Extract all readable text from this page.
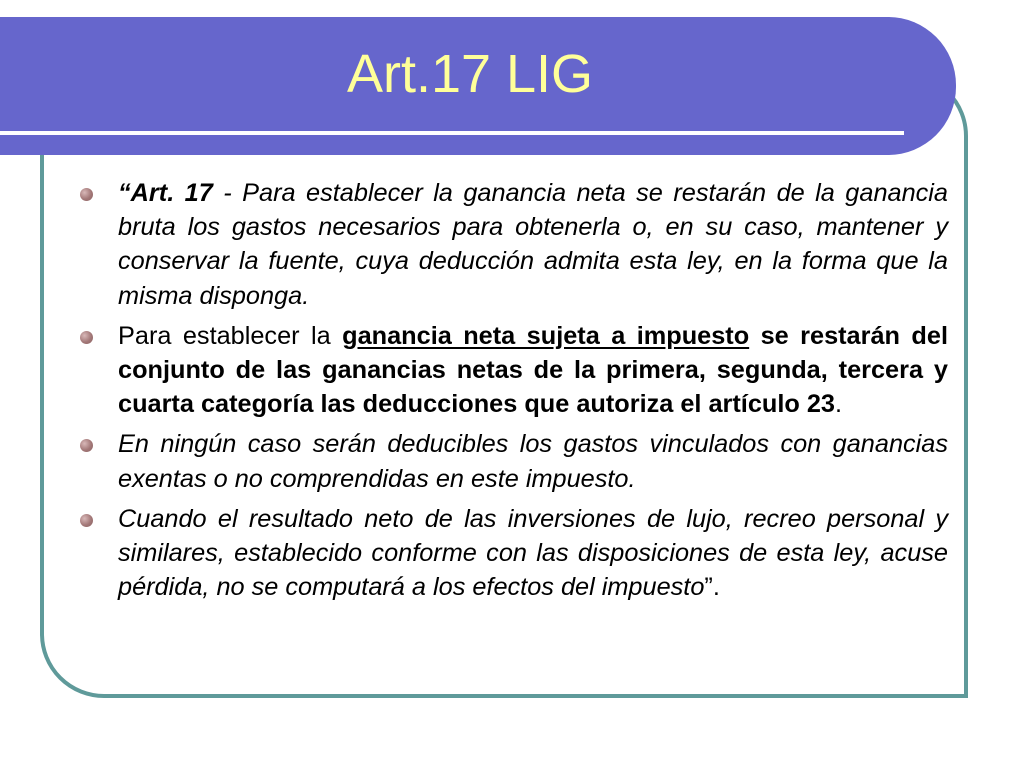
Art.17 LIG
“Art. 17 - Para establecer la ganancia neta se restarán de la ganancia bruta los gastos necesarios para obtenerla o, en su caso, mantener y conservar la fuente, cuya deducción admita esta ley, en la forma que la misma disponga.
Para establecer la ganancia neta sujeta a impuesto se restarán del conjunto de las ganancias netas de la primera, segunda, tercera y cuarta categoría las deducciones que autoriza el artículo 23.
En ningún caso serán deducibles los gastos vinculados con ganancias exentas o no comprendidas en este impuesto.
Cuando el resultado neto de las inversiones de lujo, recreo personal y similares, establecido conforme con las disposiciones de esta ley, acuse pérdida, no se computará a los efectos del impuesto”.
